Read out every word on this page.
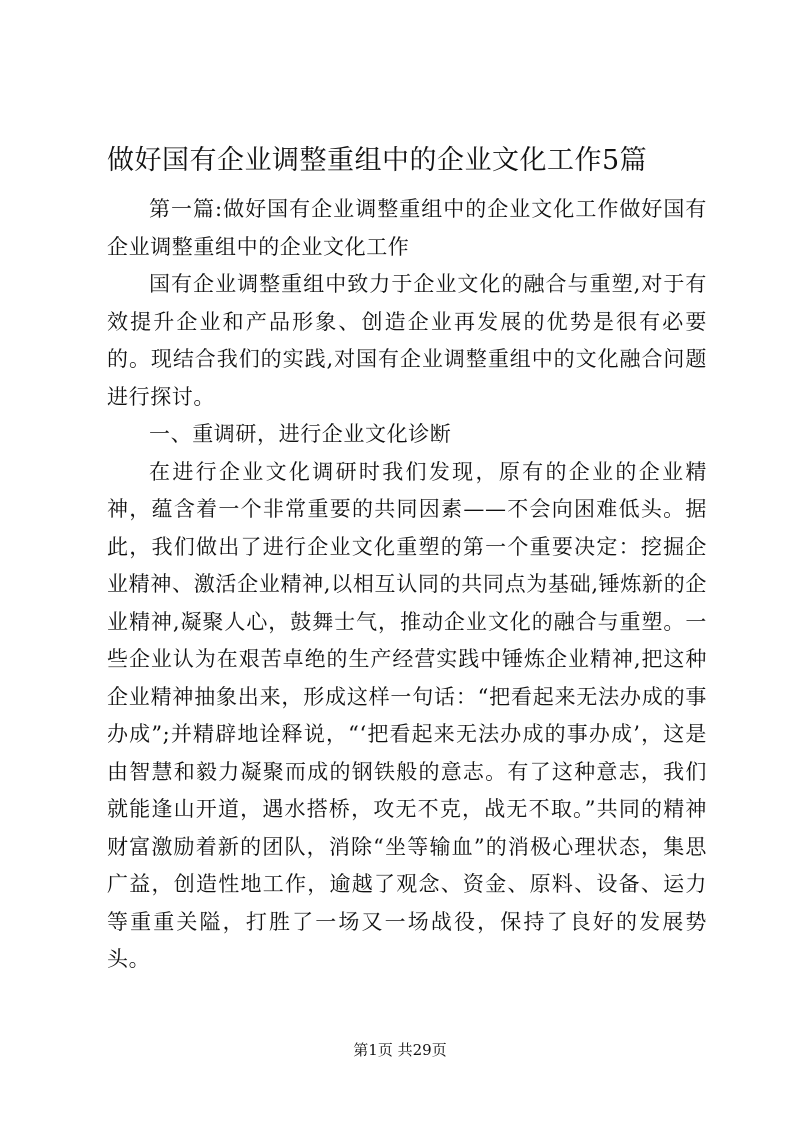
做好国有企业调整重组中的企业文化工作5篇

第一篇:做好国有企业调整重组中的企业文化工作做好国有企业调整重组中的企业文化工作

国有企业调整重组中致力于企业文化的融合与重塑,对于有效提升企业和产品形象、创造企业再发展的优势是很有必要的。现结合我们的实践,对国有企业调整重组中的文化融合问题进行探讨。

一、重调研，进行企业文化诊断

在进行企业文化调研时我们发现，原有的企业的企业精神，蕴含着一个非常重要的共同因素——不会向困难低头。据此，我们做出了进行企业文化重塑的第一个重要决定：挖掘企业精神、激活企业精神,以相互认同的共同点为基础,锤炼新的企业精神,凝聚人心，鼓舞士气，推动企业文化的融合与重塑。一些企业认为在艰苦卓绝的生产经营实践中锤炼企业精神,把这种企业精神抽象出来，形成这样一句话：“把看起来无法办成的事办成”;并精辟地诠释说，“‘把看起来无法办成的事办成’，这是由智慧和毅力凝聚而成的钢铁般的意志。有了这种意志，我们就能逢山开道，遇水搭桥，攻无不克，战无不取。”共同的精神财富激励着新的团队，消除“坐等输血”的消极心理状态，集思广益，创造性地工作，逾越了观念、资金、原料、设备、运力等重重关隘，打胜了一场又一场战役，保持了良好的发展势头。

第1页 共29页
